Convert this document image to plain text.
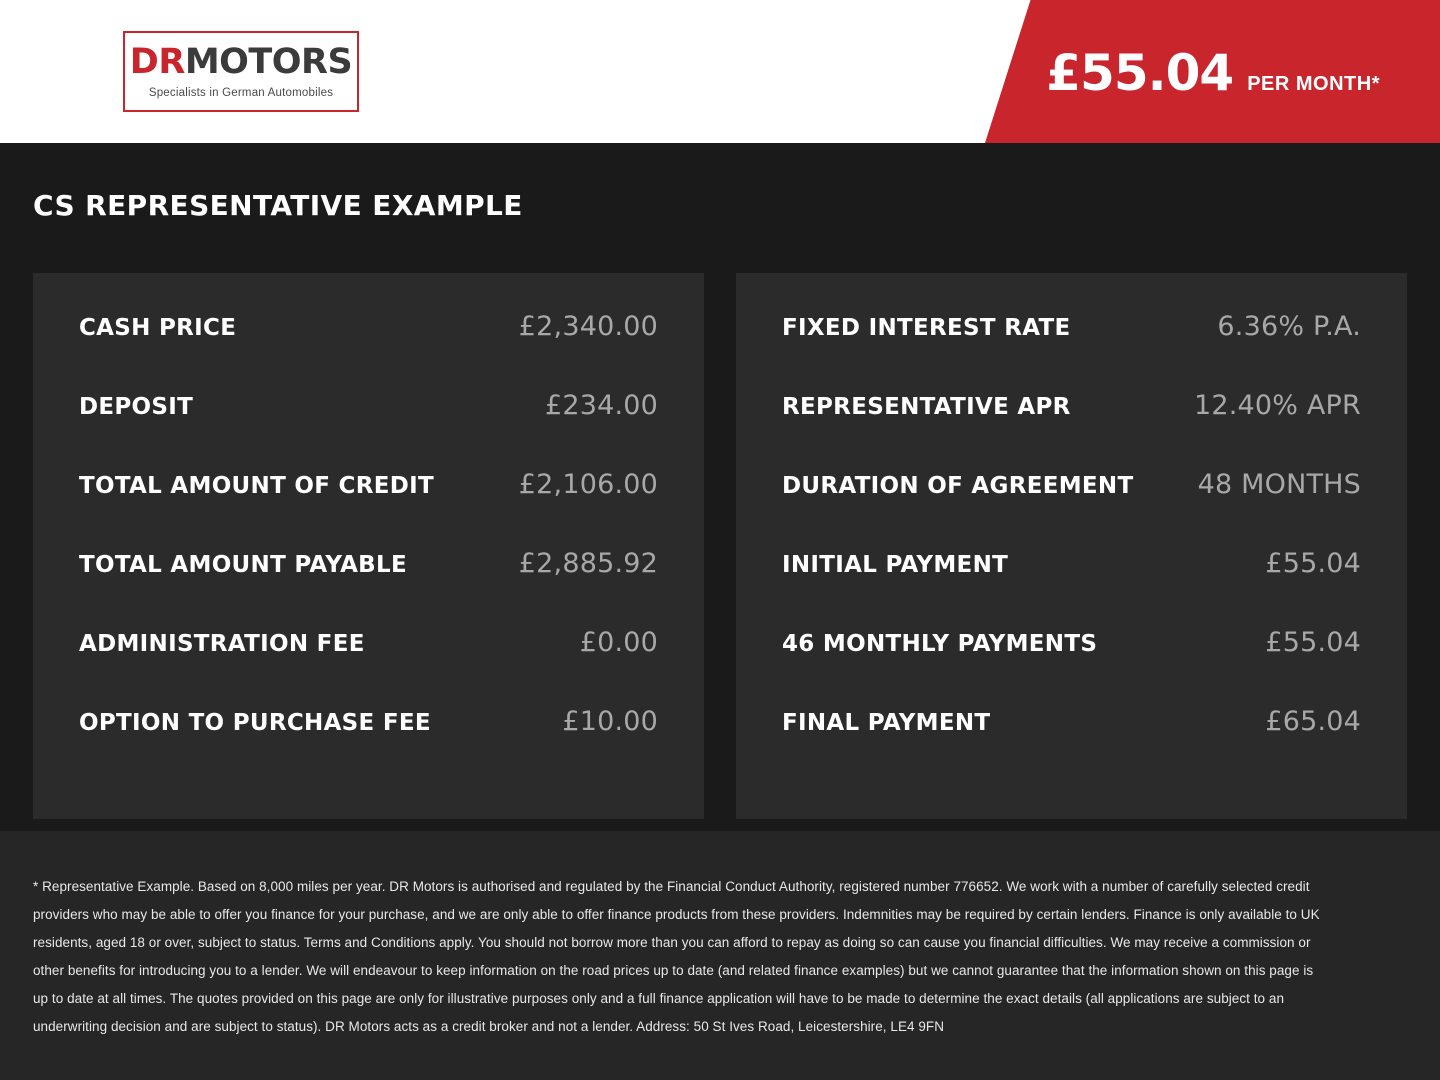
DRMOTORS
Specialists in German Automobiles	£55.04 PER MONTH*
CS REPRESENTATIVE EXAMPLE
CASH PRICE	£2,340.00
DEPOSIT	£234.00
TOTAL AMOUNT OF CREDIT	£2,106.00
TOTAL AMOUNT PAYABLE	£2,885.92
ADMINISTRATION FEE	£0.00
OPTION TO PURCHASE FEE	£10.00
FIXED INTEREST RATE	6.36% P.A.
REPRESENTATIVE APR	12.40% APR
DURATION OF AGREEMENT 48 MONTHS
INITIAL PAYMENT	£55.04
46 MONTHLY PAYMENTS	£55.04
FINAL PAYMENT	£65.04

* Representative Example. Based on 8,000 miles per year. DR Motors is authorised and regulated by the Financial Conduct Authority, registered number 776652. We work with a number of carefully selected credit providers who may be able to offer you finance for your purchase, and we are only able to offer finance products from these providers. Indemnities may be required by certain lenders. Finance is only available to UK residents, aged 18 or over, subject to status. Terms and Conditions apply. You should not borrow more than you can afford to repay as doing so can cause you financial difficulties. We may receive a commission or other benefits for introducing you to a lender. We will endeavour to keep information on the road prices up to date (and related finance examples) but we cannot guarantee that the information shown on this page is up to date at all times. The quotes provided on this page are only for illustrative purposes only and a full finance application will have to be made to determine the exact details (all applications are subject to an underwriting decision and are subject to status). DR Motors acts as a credit broker and not a lender. Address: 50 St Ives Road, Leicestershire, LE4 9FN
